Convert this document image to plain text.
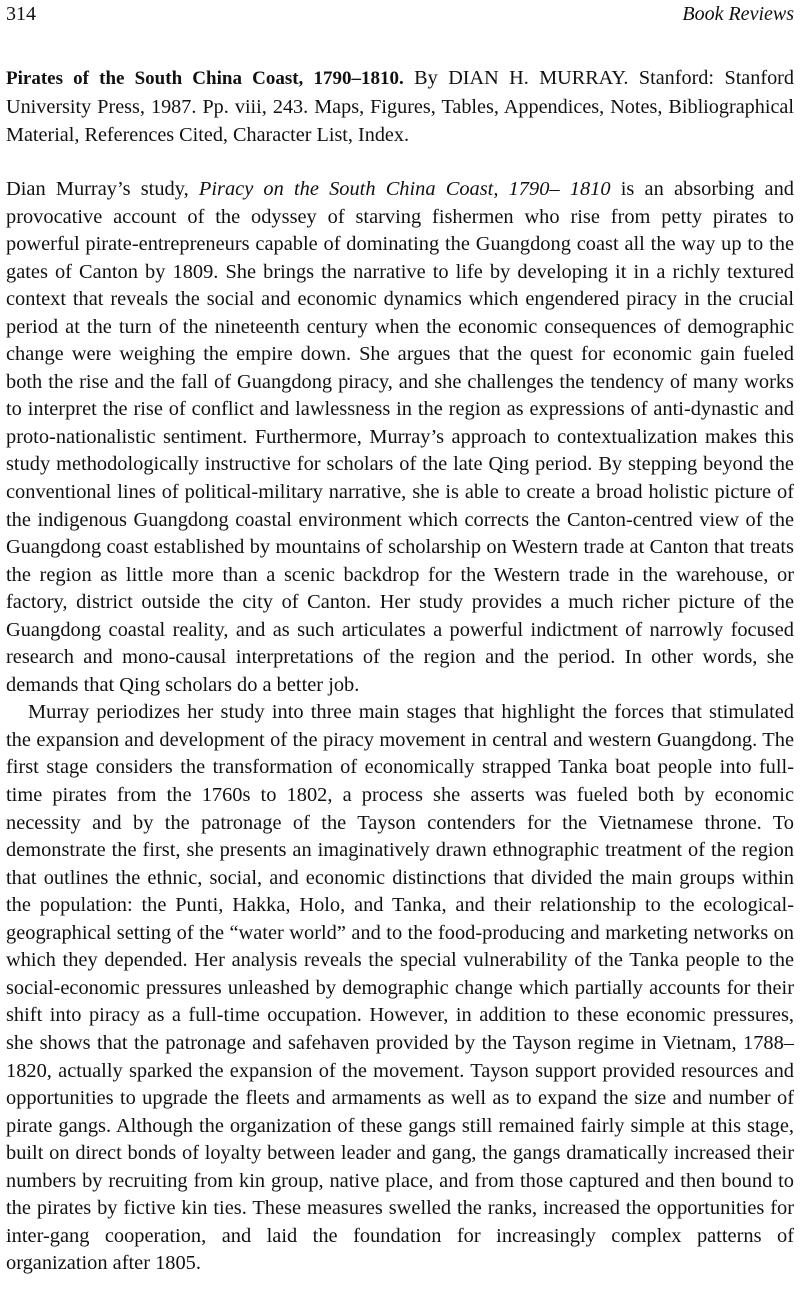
314	Book Reviews
Pirates of the South China Coast, 1790–1810. By DIAN H. MURRAY. Stanford: Stanford University Press, 1987. Pp. viii, 243. Maps, Figures, Tables, Appendices, Notes, Bibliographical Material, References Cited, Character List, Index.

Dian Murray’s study, Piracy on the South China Coast, 1790– 1810 is an absorbing and provocative account of the odyssey of starving fishermen who rise from petty pirates to powerful pirate-entrepreneurs capable of dominating the Guangdong coast all the way up to the gates of Canton by 1809. She brings the narrative to life by developing it in a richly textured context that reveals the social and economic dynamics which engendered piracy in the crucial period at the turn of the nineteenth century when the economic consequences of demographic change were weighing the empire down. She argues that the quest for economic gain fueled both the rise and the fall of Guangdong piracy, and she challenges the tendency of many works to interpret the rise of conflict and lawlessness in the region as expressions of anti-dynastic and proto-nationalistic sentiment. Furthermore, Murray’s approach to contextualization makes this study methodologically instructive for scholars of the late Qing period. By stepping beyond the conventional lines of political-military narrative, she is able to create a broad holistic picture of the indigenous Guangdong coastal environment which corrects the Canton-centred view of the Guangdong coast established by mountains of scholarship on Western trade at Canton that treats the region as little more than a scenic backdrop for the Western trade in the warehouse, or factory, district outside the city of Canton. Her study provides a much richer picture of the Guangdong coastal reality, and as such articulates a powerful indictment of narrowly focused research and mono-causal interpretations of the region and the period. In other words, she demands that Qing scholars do a better job.

Murray periodizes her study into three main stages that highlight the forces that stimulated the expansion and development of the piracy movement in central and western Guangdong. The first stage considers the transformation of economically strapped Tanka boat people into full-time pirates from the 1760s to 1802, a process she asserts was fueled both by economic necessity and by the patronage of the Tayson contenders for the Vietnamese throne. To demonstrate the first, she presents an imaginatively drawn ethnographic treatment of the region that outlines the ethnic, social, and economic distinctions that divided the main groups within the population: the Punti, Hakka, Holo, and Tanka, and their relationship to the ecological-geographical setting of the “water world” and to the food-producing and marketing networks on which they depended. Her analysis reveals the special vulnerability of the Tanka people to the social-economic pressures unleashed by demographic change which partially accounts for their shift into piracy as a full-time occupation. However, in addition to these economic pressures, she shows that the patronage and safehaven provided by the Tayson regime in Vietnam, 1788–1820, actually sparked the expansion of the movement. Tayson support provided resources and opportunities to upgrade the fleets and armaments as well as to expand the size and number of pirate gangs. Although the organization of these gangs still remained fairly simple at this stage, built on direct bonds of loyalty between leader and gang, the gangs dramatically increased their numbers by recruiting from kin group, native place, and from those captured and then bound to the pirates by fictive kin ties. These measures swelled the ranks, increased the opportunities for inter-gang cooperation, and laid the foundation for increasingly complex patterns of organization after 1805.
